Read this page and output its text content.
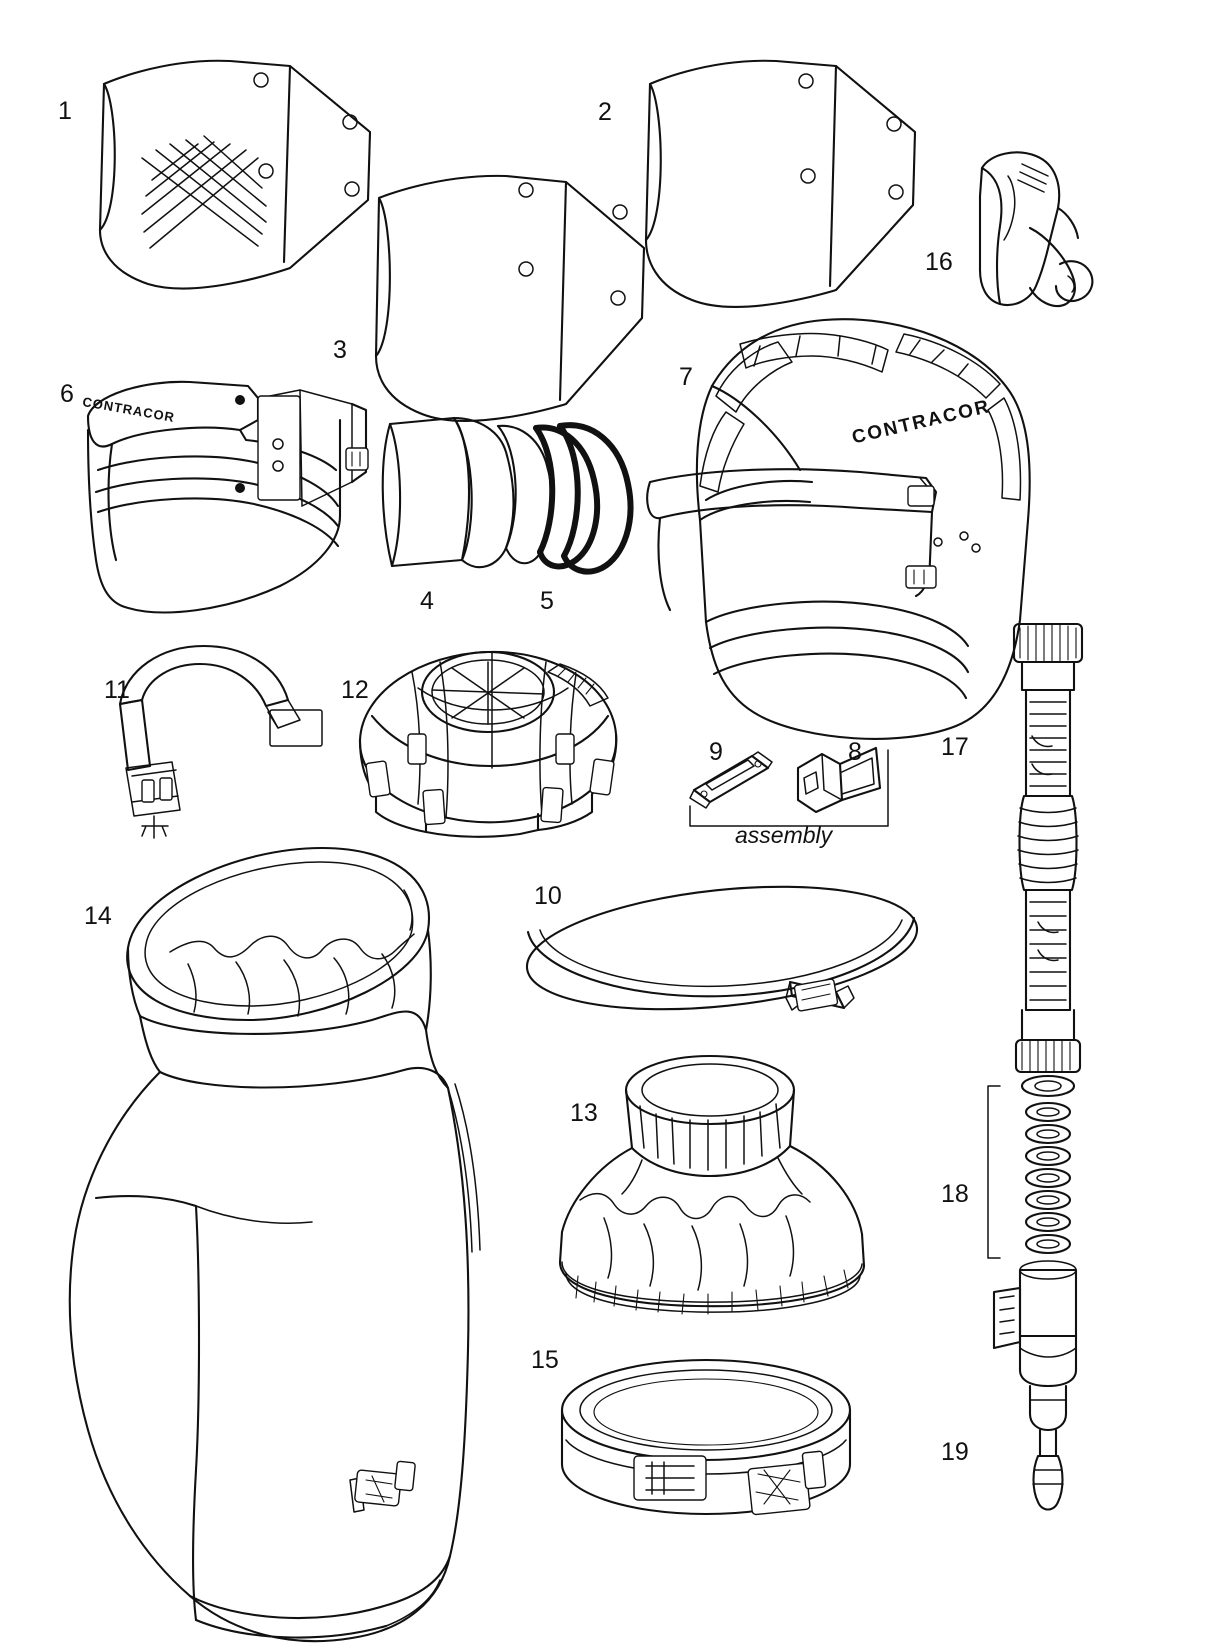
1	2
3
4	5
6
7
8
9
10
11	12
13
14
15
16
17
18
19
assembly
CONTRACOR
CONTRACOR
